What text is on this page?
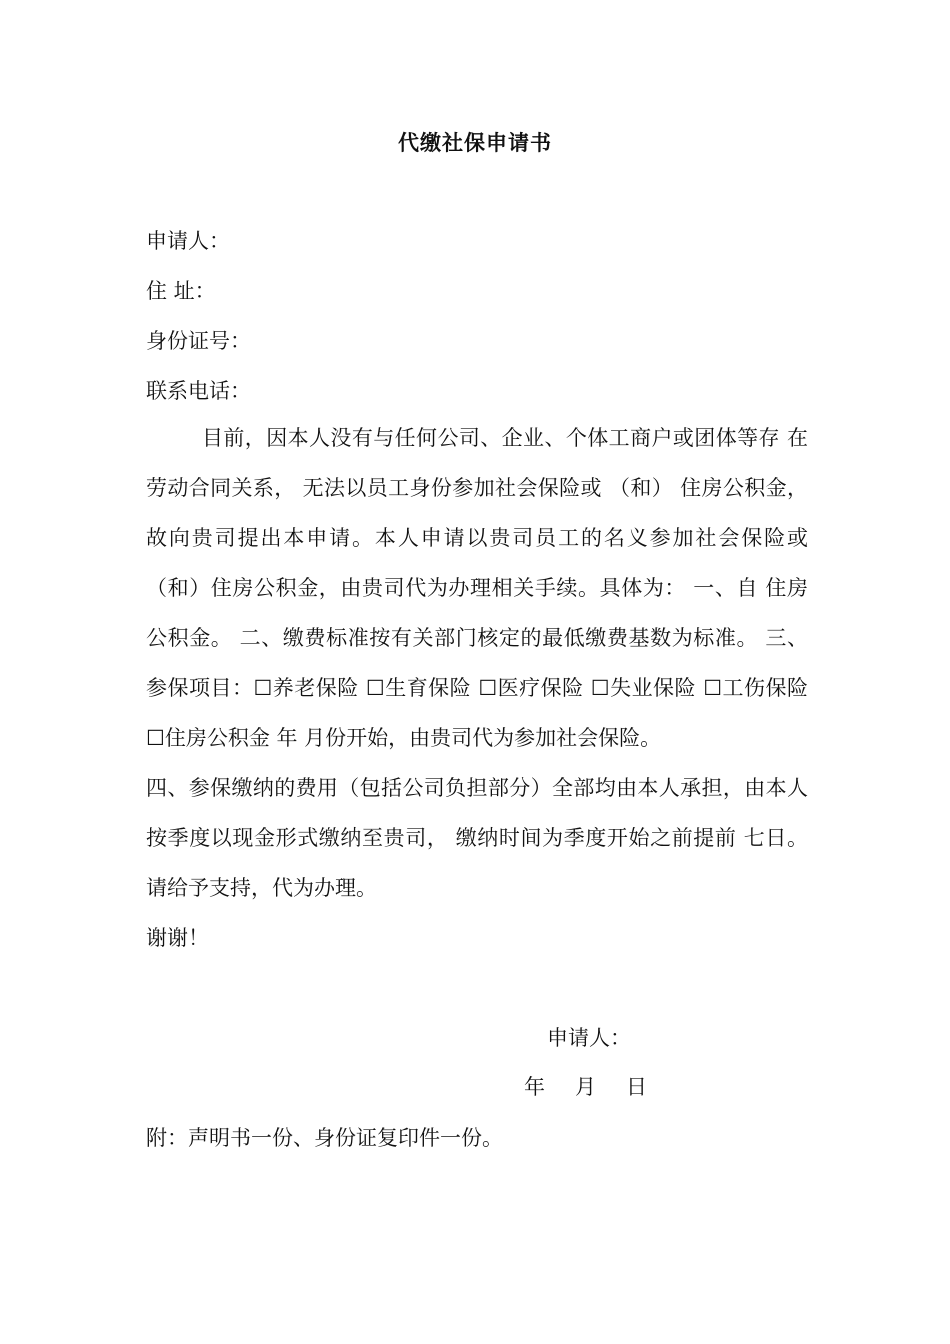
代缴社保申请书
申请人：
住 址：
身份证号：
联系电话：

目前，因本人没有与任何公司、企业、个体工商户或团体等存 在劳动合同关系， 无法以员工身份参加社会保险或 （和） 住房公积金， 故向贵司提出本申请。本人申请以贵司员工的名义参加社会保险或 （和）住房公积金，由贵司代为办理相关手续。具体为： 一、自 住房公积金。 二、缴费标准按有关部门核定的最低缴费基数为标准。 三、参保项目：☐养老保险 ☐生育保险 ☐医疗保险 ☐失业保险 ☐工伤保险 ☐住房公积金 年 月份开始，由贵司代为参加社会保险。

四、参保缴纳的费用（包括公司负担部分）全部均由本人承担，由本人按季度以现金形式缴纳至贵司， 缴纳时间为季度开始之前提前 七日。 请给予支持，代为办理。

谢谢！

申请人：
年 月 日
附：声明书一份、身份证复印件一份。
